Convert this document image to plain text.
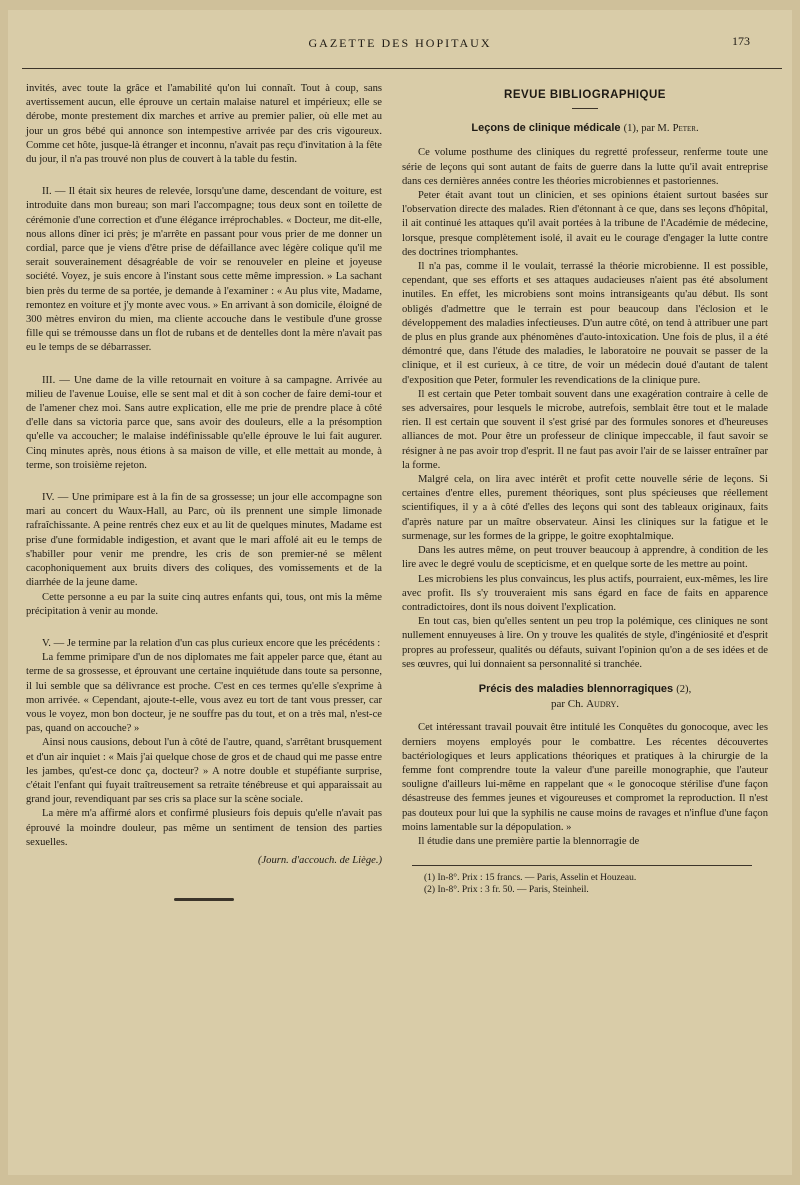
GAZETTE DES HOPITAUX	173

invités, avec toute la grâce et l'amabilité qu'on lui connaît. Tout à coup, sans avertissement aucun, elle éprouve un certain malaise naturel et impérieux; elle se dérobe, monte prestement dix marches et arrive au premier palier, où elle met au jour un gros bébé qui annonce son intempestive arrivée par des cris vigoureux. Comme cet hôte, jusque-là étranger et inconnu, n'avait pas reçu d'invitation à la fête du jour, il n'a pas trouvé non plus de couvert à la table du festin.

II. — Il était six heures de relevée, lorsqu'une dame, descendant de voiture, est introduite dans mon bureau; son mari l'accompagne; tous deux sont en toilette de cérémonie d'une correction et d'une élégance irréprochables. « Docteur, me dit-elle, nous allons dîner ici près; je m'arrête en passant pour vous prier de me donner un cordial, parce que je viens d'être prise de défaillance avec légère colique qu'il me serait souverainement désagréable de voir se renouveler en pleine et joyeuse société. Voyez, je suis encore à l'instant sous cette même impression. » La sachant bien près du terme de sa portée, je demande à l'examiner : « Au plus vite, Madame, remontez en voiture et j'y monte avec vous. » En arrivant à son domicile, éloigné de 300 mètres environ du mien, ma cliente accouche dans le vestibule d'une grosse fille qui se trémousse dans un flot de rubans et de dentelles dont la mère n'avait pas eu le temps de se débarrasser.

III. — Une dame de la ville retournait en voiture à sa campagne. Arrivée au milieu de l'avenue Louise, elle se sent mal et dit à son cocher de faire demi-tour et de l'amener chez moi. Sans autre explication, elle me prie de prendre place à côté d'elle dans sa victoria parce que, sans avoir des douleurs, elle a la présomption qu'elle va accoucher; le malaise indéfinissable qu'elle éprouve le lui fait augurer. Cinq minutes après, nous étions à sa maison de ville, et elle mettait au monde, à terme, son troisième rejeton.

IV. — Une primipare est à la fin de sa grossesse; un jour elle accompagne son mari au concert du Waux-Hall, au Parc, où ils prennent une simple limonade rafraîchissante. A peine rentrés chez eux et au lit de quelques minutes, Madame est prise d'une formidable indigestion, et avant que le mari affolé ait eu le temps de s'habiller pour venir me prendre, les cris de son premier-né se mêlent cacophoniquement aux bruits divers des coliques, des vomissements et de la diarrhée de la jeune dame.

Cette personne a eu par la suite cinq autres enfants qui, tous, ont mis la même précipitation à venir au monde.

V. — Je termine par la relation d'un cas plus curieux encore que les précédents :

La femme primipare d'un de nos diplomates me fait appeler parce que, étant au terme de sa grossesse, et éprouvant une certaine inquiétude dans toute sa personne, il lui semble que sa délivrance est proche. C'est en ces termes qu'elle s'exprime à mon arrivée. « Cependant, ajoute-t-elle, vous avez eu tort de tant vous presser, car vous le voyez, mon bon docteur, je ne souffre pas du tout, et on a très mal, n'est-ce pas, quand on accouche? »

Ainsi nous causions, debout l'un à côté de l'autre, quand, s'arrêtant brusquement et d'un air inquiet : « Mais j'ai quelque chose de gros et de chaud qui me passe entre les jambes, qu'est-ce donc ça, docteur? » A notre double et stupéfiante surprise, c'était l'enfant qui fuyait traîtreusement sa retraite ténébreuse et qui apparaissait au grand jour, revendiquant par ses cris sa place sur la scène sociale.

La mère m'a affirmé alors et confirmé plusieurs fois depuis qu'elle n'avait pas éprouvé la moindre douleur, pas même un sentiment de tension des parties sexuelles.

(Journ. d'accouch. de Liège.)
REVUE BIBLIOGRAPHIQUE
Leçons de clinique médicale (1), par M. Peter.

Ce volume posthume des cliniques du regretté professeur, renferme toute une série de leçons qui sont autant de faits de guerre dans la lutte qu'il avait entreprise dans ces dernières années contre les théories microbiennes et pastoriennes.

Peter était avant tout un clinicien, et ses opinions étaient surtout basées sur l'observation directe des malades. Rien d'étonnant à ce que, dans ses leçons d'hôpital, il ait continué les attaques qu'il avait portées à la tribune de l'Académie de médecine, lorsque, presque complètement isolé, il avait eu le courage d'engager la lutte contre des doctrines triomphantes.

Il n'a pas, comme il le voulait, terrassé la théorie microbienne. Il est possible, cependant, que ses efforts et ses attaques audacieuses n'aient pas été absolument inutiles. En effet, les microbiens sont moins intransigeants qu'au début. Ils sont obligés d'admettre que le terrain est pour beaucoup dans l'éclosion et le développement des maladies infectieuses. D'un autre côté, on tend à attribuer une part de plus en plus grande aux phénomènes d'auto-intoxication. Une fois de plus, il a été démontré que, dans l'étude des maladies, le laboratoire ne pouvait se passer de la clinique, et il est curieux, à ce titre, de voir un médecin doué d'autant de talent d'exposition que Peter, formuler les revendications de la clinique pure.

Il est certain que Peter tombait souvent dans une exagération contraire à celle de ses adversaires, pour lesquels le microbe, autrefois, semblait être tout et le malade rien. Il est certain que souvent il s'est grisé par des formules sonores et d'heureuses alliances de mot. Pour être un professeur de clinique impeccable, il faut savoir se résigner à ne pas avoir trop d'esprit. Il ne faut pas avoir l'air de se laisser entraîner par la forme.

Malgré cela, on lira avec intérêt et profit cette nouvelle série de leçons. Si certaines d'entre elles, purement théoriques, sont plus spécieuses que réellement scientifiques, il y a à côté d'elles des leçons qui sont des tableaux originaux, faits d'après nature par un maître observateur. Ainsi les cliniques sur la fatigue et le surmenage, sur les formes de la grippe, le goitre exophtalmique.

Dans les autres même, on peut trouver beaucoup à apprendre, à condition de les lire avec le degré voulu de scepticisme, et en quelque sorte de les mettre au point.

Les microbiens les plus convaincus, les plus actifs, pourraient, eux-mêmes, les lire avec profit. Ils s'y trouveraient mis sans égard en face de faits en apparence contradictoires, dont ils nous doivent l'explication.

En tout cas, bien qu'elles sentent un peu trop la polémique, ces cliniques ne sont nullement ennuyeuses à lire. On y trouve les qualités de style, d'ingéniosité et d'esprit propres au professeur, qualités ou défauts, suivant l'opinion qu'on a de ses idées et de ses œuvres, qui lui donnaient sa personnalité si tranchée.

Précis des maladies blennorragiques (2),
par Ch. Audry.

Cet intéressant travail pouvait être intitulé les Conquêtes du gonocoque, avec les derniers moyens employés pour le combattre. Les récentes découvertes bactériologiques et leurs applications théoriques et pratiques à la chirurgie de la femme font comprendre toute la valeur d'une pareille monographie, que l'auteur souligne d'ailleurs lui-même en rappelant que « le gonocoque stérilise d'une façon désastreuse des femmes jeunes et vigoureuses et compromet la reproduction. Il n'est pas douteux pour lui que la syphilis ne cause moins de ravages et n'influe d'une façon moins lamentable sur la dépopulation. »

Il étudie dans une première partie la blennorragie de

(1) In-8°. Prix : 15 francs. — Paris, Asselin et Houzeau.
(2) In-8°. Prix : 3 fr. 50. — Paris, Steinheil.
